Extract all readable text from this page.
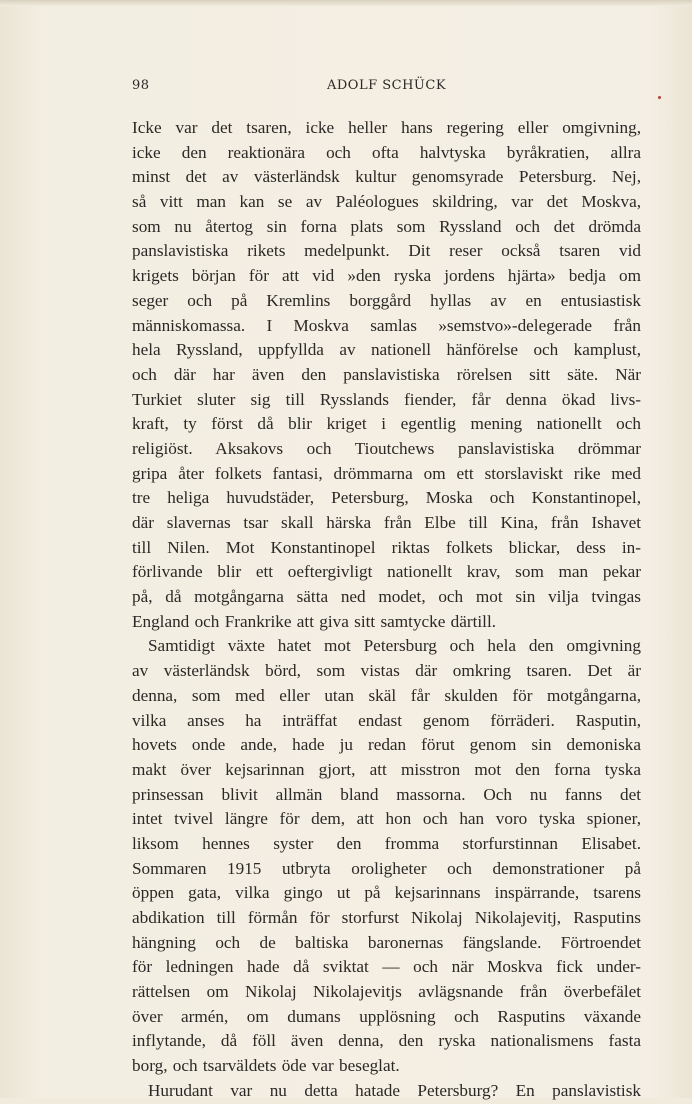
98	ADOLF SCHÜCK
Icke var det tsaren, icke heller hans regering eller omgivning,
icke den reaktionära och ofta halvtyska byråkratien, allra
minst det av västerländsk kultur genomsyrade Petersburg. Nej,
så vitt man kan se av Paléologues skildring, var det Moskva,
som nu återtog sin forna plats som Ryssland och det drömda
panslavistiska rikets medelpunkt. Dit reser också tsaren vid
krigets början för att vid »den ryska jordens hjärta» bedja om
seger och på Kremlins borggård hyllas av en entusiastisk
människomassa. I Moskva samlas »semstvo»-delegerade från
hela Ryssland, uppfyllda av nationell hänförelse och kamplust,
och där har även den panslavistiska rörelsen sitt säte. När
Turkiet sluter sig till Rysslands fiender, får denna ökad livs-
kraft, ty först då blir kriget i egentlig mening nationellt och
religiöst. Aksakovs och Tioutchews panslavistiska drömmar
gripa åter folkets fantasi, drömmarna om ett storslaviskt rike med
tre heliga huvudstäder, Petersburg, Moska och Konstantinopel,
där slavernas tsar skall härska från Elbe till Kina, från Ishavet
till Nilen. Mot Konstantinopel riktas folkets blickar, dess in-
förlivande blir ett oeftergivligt nationellt krav, som man pekar
på, då motgångarna sätta ned modet, och mot sin vilja tvingas
England och Frankrike att giva sitt samtycke därtill.
Samtidigt växte hatet mot Petersburg och hela den omgivning
av västerländsk börd, som vistas där omkring tsaren. Det är
denna, som med eller utan skäl får skulden för motgångarna,
vilka anses ha inträffat endast genom förräderi. Rasputin,
hovets onde ande, hade ju redan förut genom sin demoniska
makt över kejsarinnan gjort, att misstron mot den forna tyska
prinsessan blivit allmän bland massorna. Och nu fanns det
intet tvivel längre för dem, att hon och han voro tyska spioner,
liksom hennes syster den fromma storfurstinnan Elisabet.
Sommaren 1915 utbryta oroligheter och demonstrationer på
öppen gata, vilka gingo ut på kejsarinnans inspärrande, tsarens
abdikation till förmån för storfurst Nikolaj Nikolajevitj, Rasputins
hängning och de baltiska baronernas fängslande. Förtroendet
för ledningen hade då sviktat — och när Moskva fick under-
rättelsen om Nikolaj Nikolajevitjs avlägsnande från överbefälet
över armén, om dumans upplösning och Rasputins växande
inflytande, då föll även denna, den ryska nationalismens fasta
borg, och tsarväldets öde var beseglat.
Hurudant var nu detta hatade Petersburg? En panslavistisk
